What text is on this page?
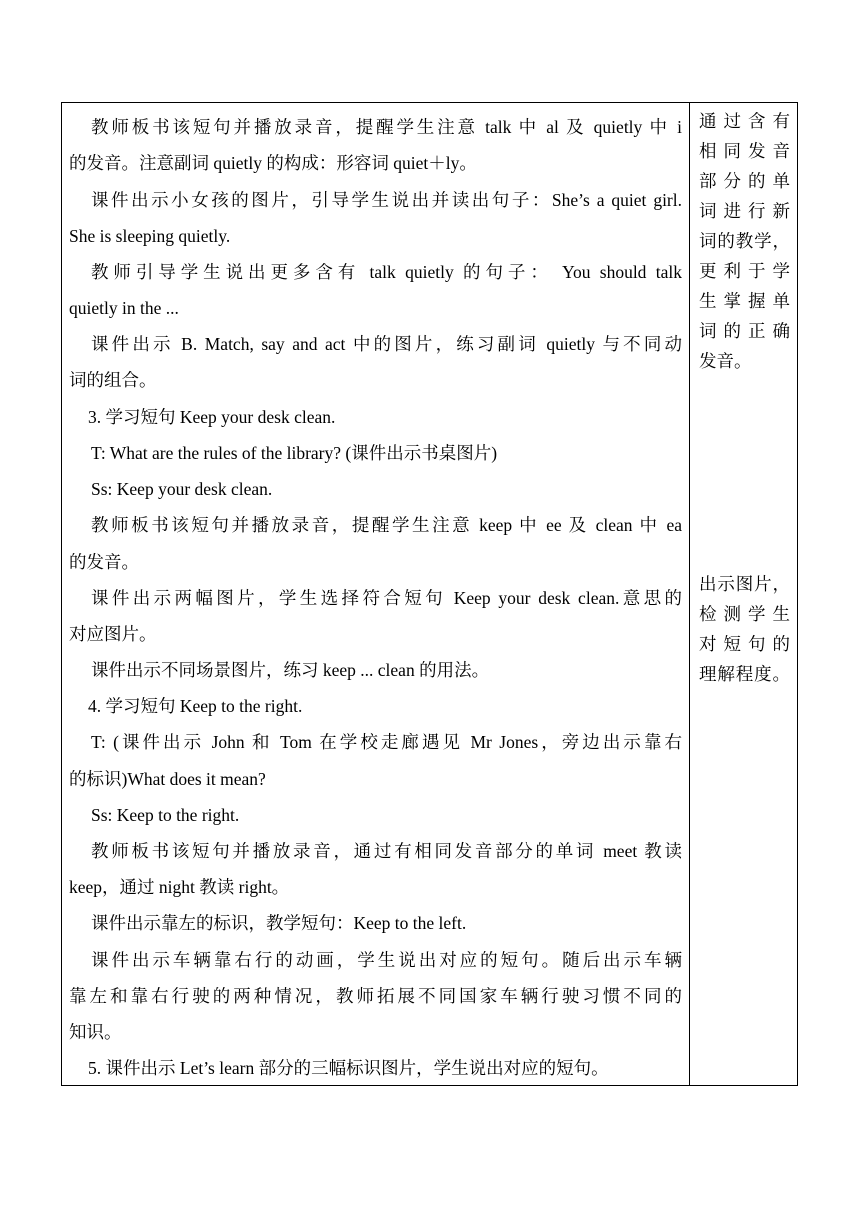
教师板书该短句并播放录音，提醒学生注意 talk 中 al 及 quietly 中 i
的发音。注意副词 quietly 的构成：形容词 quiet＋ly。
课件出示小女孩的图片，引导学生说出并读出句子：She’s a quiet girl.
She is sleeping quietly.
教师引导学生说出更多含有 talk quietly 的句子： You should talk
quietly in the ...
课件出示 B. Match, say and act 中的图片，练习副词 quietly 与不同动
词的组合。
3. 学习短句 Keep your desk clean.
T: What are the rules of the library? (课件出示书桌图片)
Ss: Keep your desk clean.
教师板书该短句并播放录音，提醒学生注意 keep 中 ee 及 clean 中 ea
的发音。
课件出示两幅图片，学生选择符合短句 Keep your desk clean.意思的
对应图片。
课件出示不同场景图片，练习 keep ... clean 的用法。
4. 学习短句 Keep to the right.
T: (课件出示 John 和 Tom 在学校走廊遇见 Mr Jones，旁边出示靠右
的标识)What does it mean?
Ss: Keep to the right.
教师板书该短句并播放录音，通过有相同发音部分的单词 meet 教读
keep，通过 night 教读 right。
课件出示靠左的标识，教学短句：Keep to the left.
课件出示车辆靠右行的动画，学生说出对应的短句。随后出示车辆
靠左和靠右行驶的两种情况，教师拓展不同国家车辆行驶习惯不同的
知识。
5. 课件出示 Let’s learn 部分的三幅标识图片，学生说出对应的短句。
通过含有
相同发音
部分的单
词进行新
词的教学，
更利于学
生掌握单
词的正确
发音。
出示图片，
检测学生
对短句的
理解程度。
